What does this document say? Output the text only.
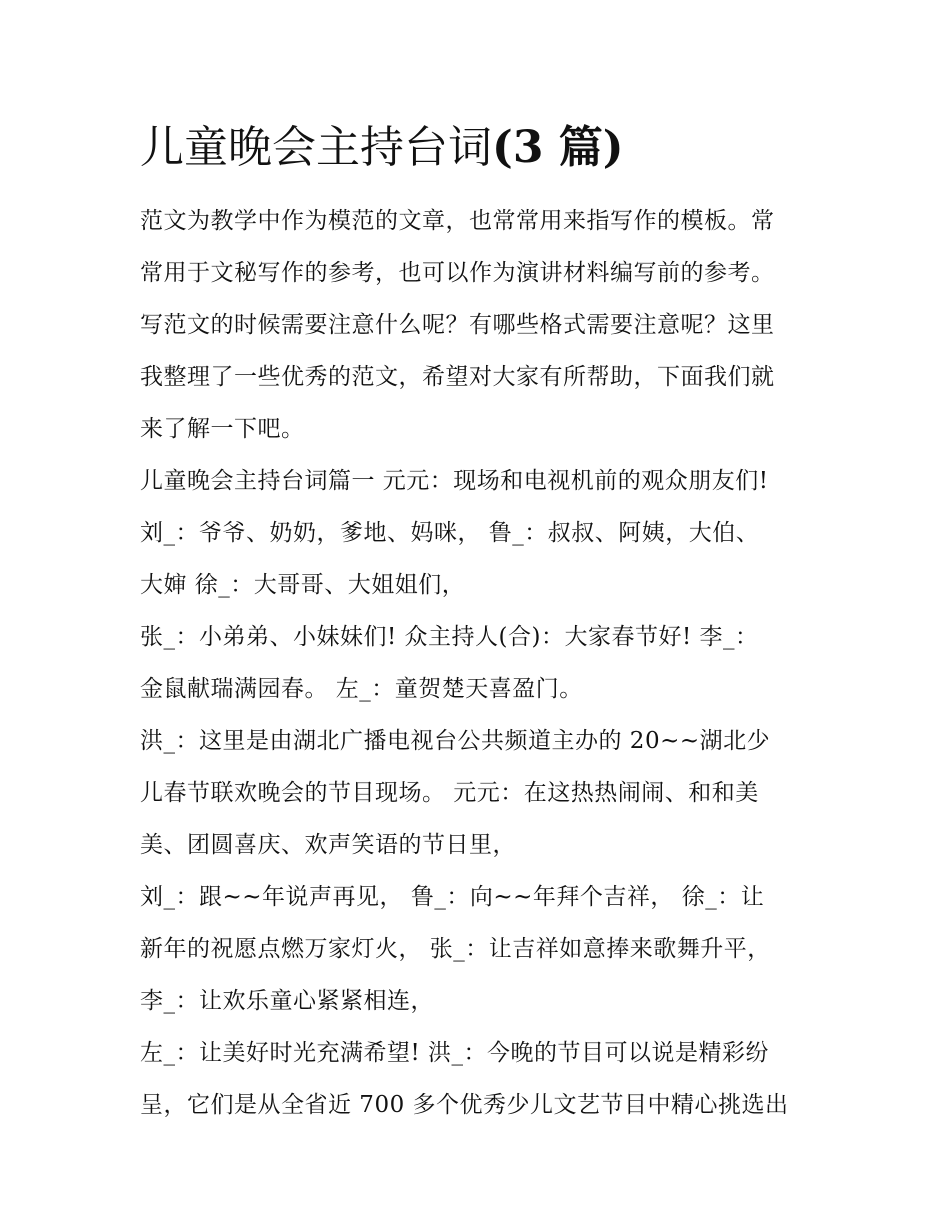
儿童晚会主持台词(3 篇)
范文为教学中作为模范的文章，也常常用来指写作的模板。常
常用于文秘写作的参考，也可以作为演讲材料编写前的参考。
写范文的时候需要注意什么呢？有哪些格式需要注意呢？这里
我整理了一些优秀的范文，希望对大家有所帮助，下面我们就
来了解一下吧。
儿童晚会主持台词篇一 元元：现场和电视机前的观众朋友们!
刘_：爷爷、奶奶，爹地、妈咪， 鲁_：叔叔、阿姨，大伯、
大婶 徐_：大哥哥、大姐姐们，
张_：小弟弟、小妹妹们! 众主持人(合)：大家春节好! 李_：
金鼠献瑞满园春。 左_：童贺楚天喜盈门。
洪_：这里是由湖北广播电视台公共频道主办的 20~~湖北少
儿春节联欢晚会的节目现场。 元元：在这热热闹闹、和和美
美、团圆喜庆、欢声笑语的节日里，
刘_：跟~~年说声再见， 鲁_：向~~年拜个吉祥， 徐_：让
新年的祝愿点燃万家灯火， 张_：让吉祥如意捧来歌舞升平，
李_：让欢乐童心紧紧相连，
左_：让美好时光充满希望! 洪_：今晚的节目可以说是精彩纷
呈，它们是从全省近 700 多个优秀少儿文艺节目中精心挑选出
